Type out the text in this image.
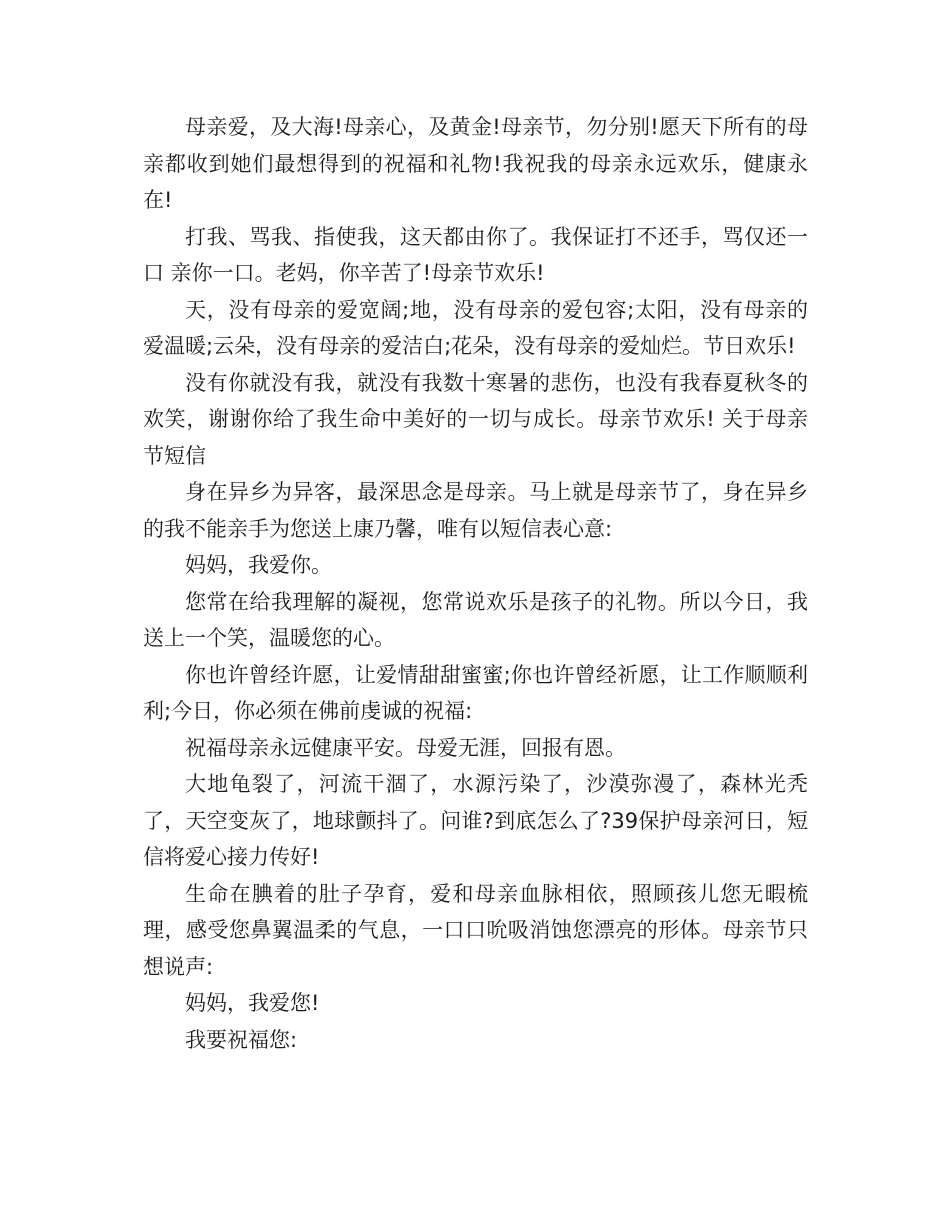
母亲爱，及大海!母亲心，及黄金!母亲节，勿分别!愿天下所有的母亲都收到她们最想得到的祝福和礼物!我祝我的母亲永远欢乐，健康永在!

打我、骂我、指使我，这天都由你了。我保证打不还手，骂仅还一口 亲你一口。老妈，你辛苦了!母亲节欢乐!

天，没有母亲的爱宽阔;地，没有母亲的爱包容;太阳，没有母亲的爱温暖;云朵，没有母亲的爱洁白;花朵，没有母亲的爱灿烂。节日欢乐!

没有你就没有我，就没有我数十寒暑的悲伤，也没有我春夏秋冬的欢笑，谢谢你给了我生命中美好的一切与成长。母亲节欢乐! 关于母亲节短信

身在异乡为异客，最深思念是母亲。马上就是母亲节了，身在异乡的我不能亲手为您送上康乃馨，唯有以短信表心意:

妈妈，我爱你。

您常在给我理解的凝视，您常说欢乐是孩子的礼物。所以今日，我送上一个笑，温暖您的心。

你也许曾经许愿，让爱情甜甜蜜蜜;你也许曾经祈愿，让工作顺顺利利;今日，你必须在佛前虔诚的祝福:

祝福母亲永远健康平安。母爱无涯，回报有恩。

大地龟裂了，河流干涸了，水源污染了，沙漠弥漫了，森林光秃了，天空变灰了，地球颤抖了。问谁?到底怎么了?39保护母亲河日，短信将爱心接力传好!

生命在腆着的肚子孕育，爱和母亲血脉相依，照顾孩儿您无暇梳理，感受您鼻翼温柔的气息，一口口吮吸消蚀您漂亮的形体。母亲节只想说声:

妈妈，我爱您!

我要祝福您:
